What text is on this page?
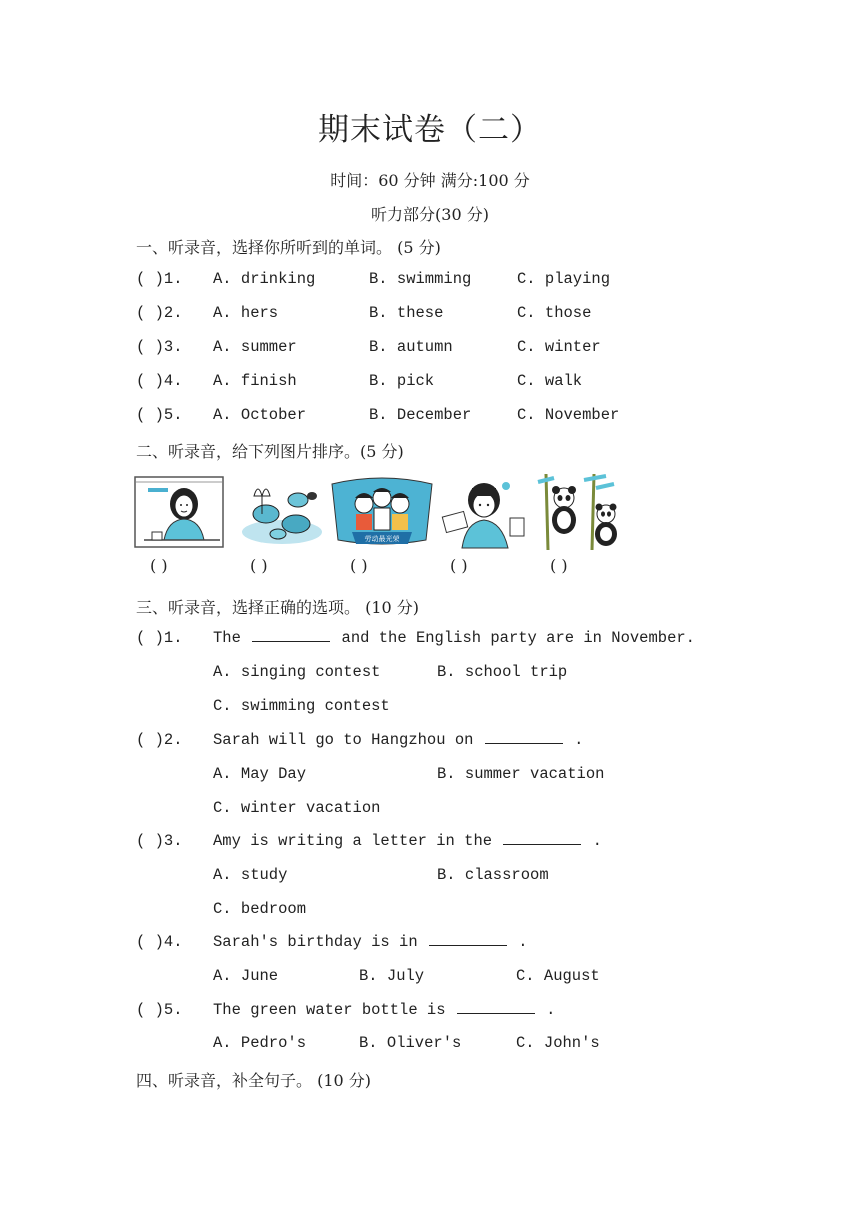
期末试卷（二）
时间：60 分钟 满分:100 分
听力部分(30 分)
一、听录音，选择你所听到的单词。 (5 分)
( )1. A. drinking	B. swimming	C. playing
( )2. A. hers	B. these	C. those
( )3. A. summer	B. autumn	C. winter
( )4. A. finish	B. pick	C. walk
( )5. A. October	B. December	C. November
二、听录音，给下列图片排序。(5 分)
劳动最光荣
( )	( )	( )	( )	( )
三、听录音，选择正确的选项。 (10 分)
( )1. The	and the English party are in November.
A. singing contest	B. school trip
C. swimming contest
( )2. Sarah will go to Hangzhou on	.
A. May Day	B. summer vacation
C. winter vacation
( )3. Amy is writing a letter in the	.
A. study	B. classroom
C. bedroom
( )4. Sarah's birthday is in	.
A. June	B. July	C. August
( )5. The green water bottle is	.
A. Pedro's	B. Oliver's	C. John's
四、听录音，补全句子。 (10 分)
